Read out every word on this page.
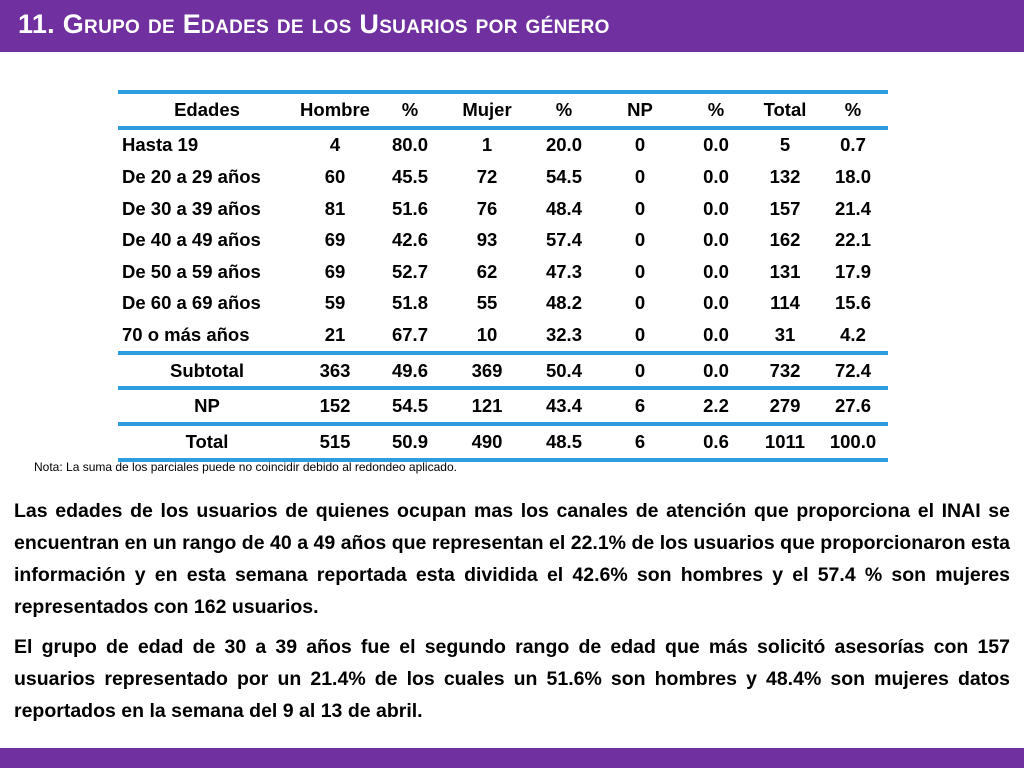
11. Grupo de Edades de los Usuarios por género
Edades	Hombre	%	Mujer	%	NP	%	Total	%
Hasta 19	4	80.0	1	20.0	0	0.0	5	0.7
De 20 a 29 años	60	45.5	72	54.5	0	0.0	132	18.0
De 30 a 39 años	81	51.6	76	48.4	0	0.0	157	21.4
De 40 a 49 años	69	42.6	93	57.4	0	0.0	162	22.1
De 50 a 59 años	69	52.7	62	47.3	0	0.0	131	17.9
De 60 a 69 años	59	51.8	55	48.2	0	0.0	114	15.6
70 o más años	21	67.7	10	32.3	0	0.0	31	4.2
Subtotal	363	49.6	369	50.4	0	0.0	732	72.4
NP	152	54.5	121	43.4	6	2.2	279	27.6
Total	515	50.9	490	48.5	6	0.6	1011	100.0
Nota: La suma de los parciales puede no coincidir debido al redondeo aplicado.

Las edades de los usuarios de quienes ocupan mas los canales de atención que proporciona el INAI se encuentran en un rango de 40 a 49 años que representan el 22.1% de los usuarios que proporcionaron esta información y en esta semana reportada esta dividida el 42.6% son hombres y el 57.4 % son mujeres representados con 162 usuarios.

El grupo de edad de 30 a 39 años fue el segundo rango de edad que más solicitó asesorías con 157 usuarios representado por un 21.4% de los cuales un 51.6% son hombres y 48.4% son mujeres datos reportados en la semana del 9 al 13 de abril.
